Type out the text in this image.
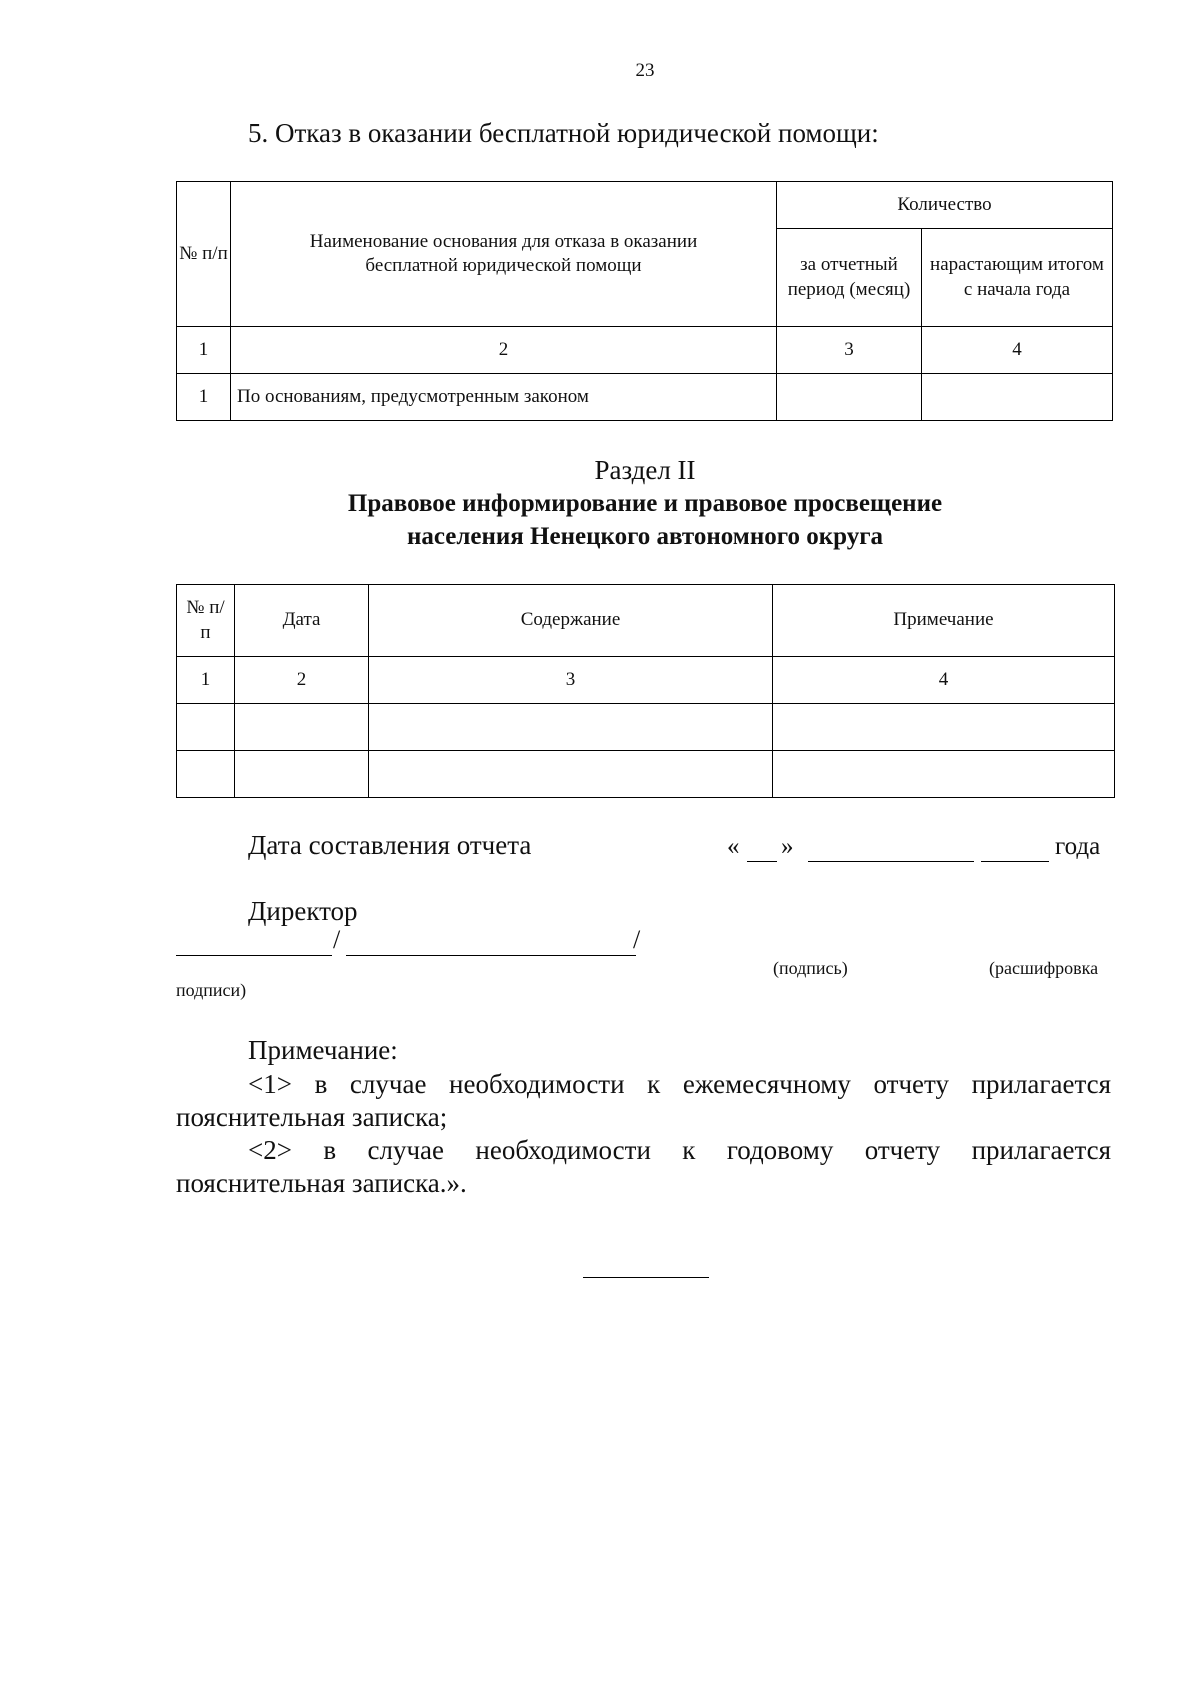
23
5. Отказ в оказании бесплатной юридической помощи:
№ п/п	Наименование основания для отказа в оказании бесплатной юридической помощи	Количество	
		за отчетный период (месяц)	нарастающим итогом с начала года
1	2	3	4
1	По основаниям, предусмотренным законом		
Раздел II
Правовое информирование и правовое просвещение
населения Ненецкого автономного округа
№ п/п	Дата	Содержание	Примечание
1	2	3	4

Дата составления отчета	« »	года
Директор
/	/
(подпись)	(расшифровка
подписи)
Примечание:
<1> в случае необходимости к ежемесячному отчету прилагается пояснительная записка;
<2> в случае необходимости к годовому отчету прилагается пояснительная записка.».
